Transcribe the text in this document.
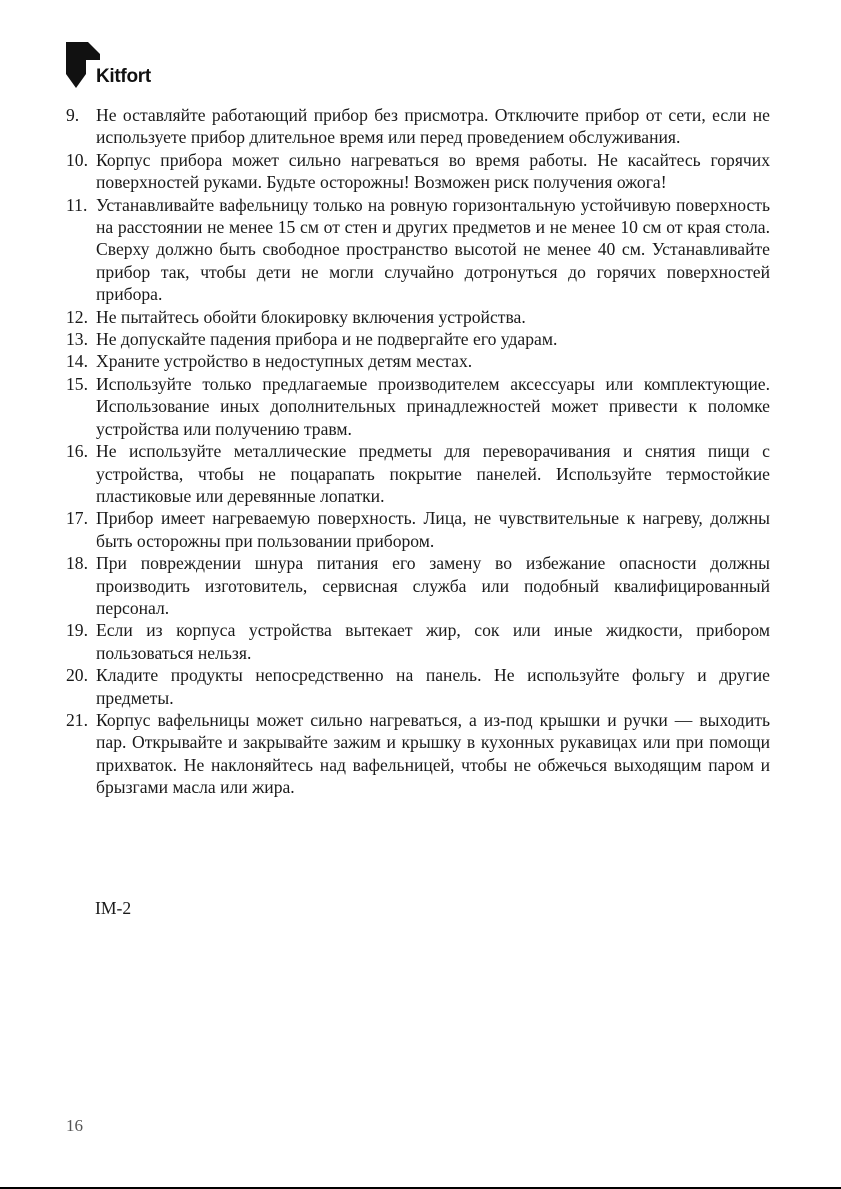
Kitfort
9. Не оставляйте работающий прибор без присмотра. Отключите прибор от сети, если не используете прибор длительное время или перед проведением обслуживания.
10. Корпус прибора может сильно нагреваться во время работы. Не касайтесь горячих поверхностей руками. Будьте осторожны! Возможен риск получения ожога!
11. Устанавливайте вафельницу только на ровную горизонтальную устойчивую поверхность на расстоянии не менее 15 см от стен и других предметов и не менее 10 см от края стола. Сверху должно быть свободное пространство высотой не менее 40 см. Устанавливайте прибор так, чтобы дети не могли случайно дотронуться до горячих поверхностей прибора.
12. Не пытайтесь обойти блокировку включения устройства.
13. Не допускайте падения прибора и не подвергайте его ударам.
14. Храните устройство в недоступных детям местах.
15. Используйте только предлагаемые производителем аксессуары или комплектующие. Использование иных дополнительных принадлежностей может привести к поломке устройства или получению травм.
16. Не используйте металлические предметы для переворачивания и снятия пищи с устройства, чтобы не поцарапать покрытие панелей. Используйте термостойкие пластиковые или деревянные лопатки.
17. Прибор имеет нагреваемую поверхность. Лица, не чувствительные к нагреву, должны быть осторожны при пользовании прибором.
18. При повреждении шнура питания его замену во избежание опасности должны производить изготовитель, сервисная служба или подобный квалифицированный персонал.
19. Если из корпуса устройства вытекает жир, сок или иные жидкости, прибором пользоваться нельзя.
20. Кладите продукты непосредственно на панель. Не используйте фольгу и другие предметы.
21. Корпус вафельницы может сильно нагреваться, а из-под крышки и ручки — выходить пар. Открывайте и закрывайте зажим и крышку в кухонных рукавицах или при помощи прихваток. Не наклоняйтесь над вафельницей, чтобы не обжечься выходящим паром и брызгами масла или жира.
IM-2
16
